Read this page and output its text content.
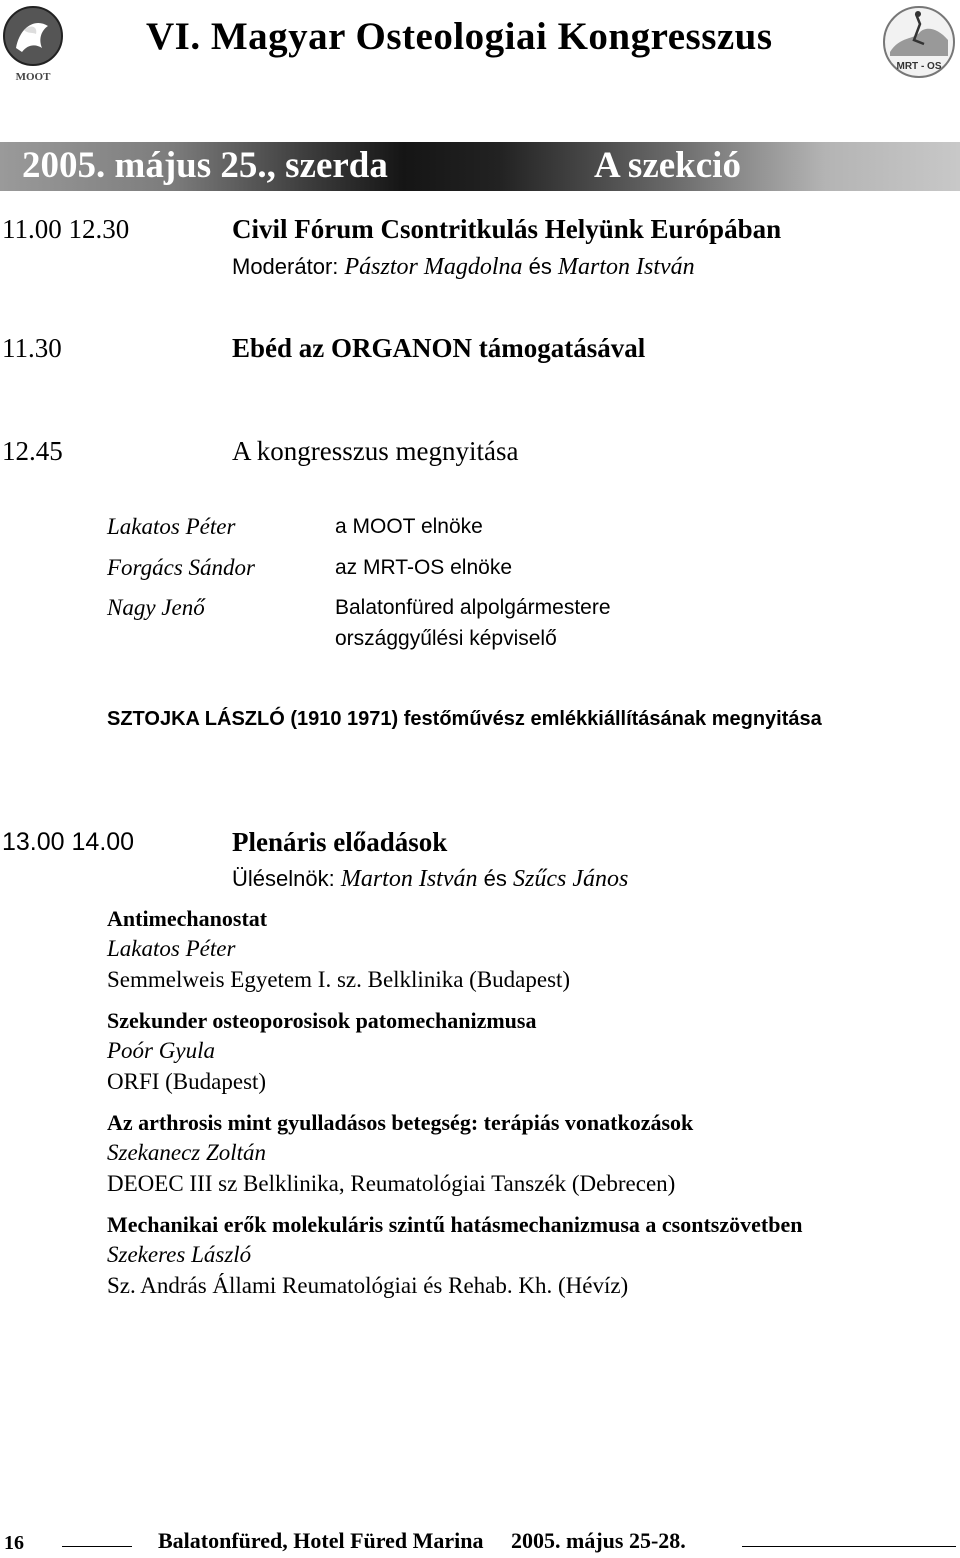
MOOT
VI. Magyar Osteologiai Kongresszus
MRT - OS
2005. május 25., szerda	A szekció
11.00 12.30	Civil Fórum Csontritkulás Helyünk Európában
Moderátor: Pásztor Magdolna és Marton István
11.30	Ebéd az ORGANON támogatásával
12.45	A kongresszus megnyitása
Lakatos Péter	a MOOT elnöke
Forgács Sándor	az MRT-OS elnöke
Nagy Jenő	Balatonfüred alpolgármestere
országgyűlési képviselő
SZTOJKA LÁSZLÓ (1910 1971) festőművész emlékkiállításának megnyitása
13.00 14.00	Plenáris előadások
Üléselnök: Marton István és Szűcs János
Antimechanostat
Lakatos Péter
Semmelweis Egyetem I. sz. Belklinika (Budapest)
Szekunder osteoporosisok patomechanizmusa
Poór Gyula
ORFI (Budapest)
Az arthrosis mint gyulladásos betegség: terápiás vonatkozások
Szekanecz Zoltán
DEOEC III sz Belklinika, Reumatológiai Tanszék (Debrecen)
Mechanikai erők molekuláris szintű hatásmechanizmusa a csontszövetben
Szekeres László
Sz. András Állami Reumatológiai és Rehab. Kh. (Hévíz)
16	Balatonfüred, Hotel Füred Marina 2005. május 25-28.
